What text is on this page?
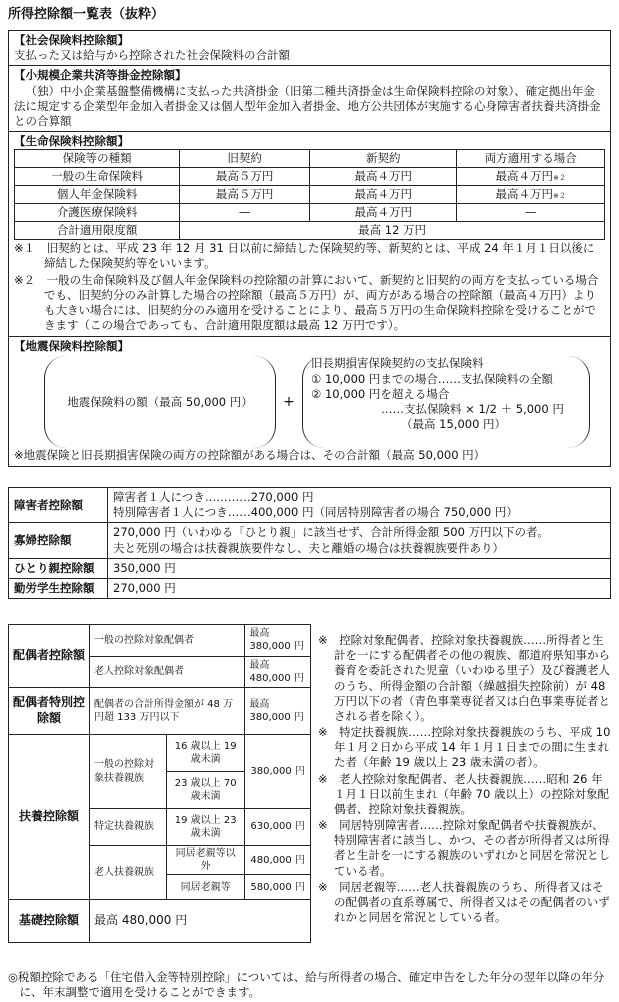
所得控除額一覧表（抜粋）
【社会保険料控除額】

支払った又は給与から控除された社会保険料の合計額

【小規模企業共済等掛金控除額】

（独）中小企業基盤整備機構に支払った共済掛金（旧第二種共済掛金は生命保険料控除の対象）、確定拠出年金法に規定する企業型年金加入者掛金又は個人型年金加入者掛金、地方公共団体が実施する心身障害者扶養共済掛金との合算額

【生命保険料控除額】
保険等の種類	旧契約	新契約	両方適用する場合
一般の生命保険料	最高５万円	最高４万円	最高４万円※２
個人年金保険料	最高５万円	最高４万円	最高４万円※２
介護医療保険料	—	最高４万円	—
合計適用限度額	最高 12 万円		

※１　旧契約とは、平成 23 年 12 月 31 日以前に締結した保険契約等、新契約とは、平成 24 年１月１日以後に締結した保険契約等をいいます。

※２　一般の生命保険料及び個人年金保険料の控除額の計算において、新契約と旧契約の両方を支払っている場合でも、旧契約分のみ計算した場合の控除額（最高５万円）が、両方がある場合の控除額（最高４万円）よりも大きい場合には、旧契約分のみ適用を受けることにより、最高５万円の生命保険料控除を受けることができます（この場合であっても、合計適用限度額は最高 12 万円です）。

【地震保険料控除額】
地震保険料の額（最高 50,000 円）	+
旧長期損害保険契約の支払保険料
① 10,000 円までの場合……支払保険料の全額
② 10,000 円を超える場合
……支払保険料 × 1/2 ＋ 5,000 円
（最高 15,000 円）

※地震保険と旧長期損害保険の両方の控除額がある場合は、その合計額（最高 50,000 円）

障害者控除額	障害者１人につき…………270,000 円
特別障害者１人につき……400,000 円（同居特別障害者の場合 750,000 円）

寡婦控除額	270,000 円（いわゆる「ひとり親」に該当せず、合計所得金額 500 万円以下の者。
夫と死別の場合は扶養親族要件なし、夫と離婚の場合は扶養親族要件あり）

ひとり親控除額	350,000 円
勤労学生控除額	270,000 円
配偶者控除額	一般の控除対象配偶者		最高 380,000 円
	老人控除対象配偶者		最高 480,000 円
配偶者特別控除額	配偶者の合計所得金額が 48 万円超 133 万円以下		最高 380,000 円
扶養控除額	一般の控除対象扶養親族	16 歳以上 19 歳未満	380,000 円
		23 歳以上 70 歳未満	
	特定扶養親族	19 歳以上 23 歳未満	630,000 円
	老人扶養親族	同居老親等以外	480,000 円
		同居老親等	580,000 円
基礎控除額	最高 480,000 円		

※　控除対象配偶者、控除対象扶養親族……所得者と生計を一にする配偶者その他の親族、都道府県知事から養育を委託された児童（いわゆる里子）及び養護老人のうち、所得金額の合計額（繰越損失控除前）が 48 万円以下の者（青色事業専従者又は白色事業専従者とされる者を除く）。

※　特定扶養親族……控除対象扶養親族のうち、平成 10 年１月２日から平成 14 年１月１日までの間に生まれた者（年齢 19 歳以上 23 歳未満の者）。

※　老人控除対象配偶者、老人扶養親族……昭和 26 年１月１日以前生まれ（年齢 70 歳以上）の控除対象配偶者、控除対象扶養親族。

※　同居特別障害者……控除対象配偶者や扶養親族が、特別障害者に該当し、かつ、その者が所得者又は所得者と生計を一にする親族のいずれかと同居を常況としている者。

※　同居老親等……老人扶養親族のうち、所得者又はその配偶者の直系尊属で、所得者又はその配偶者のいずれかと同居を常況としている者。

◎税額控除である「住宅借入金等特別控除」については、給与所得者の場合、確定申告をした年分の翌年以降の年分に、年末調整で適用を受けることができます。
